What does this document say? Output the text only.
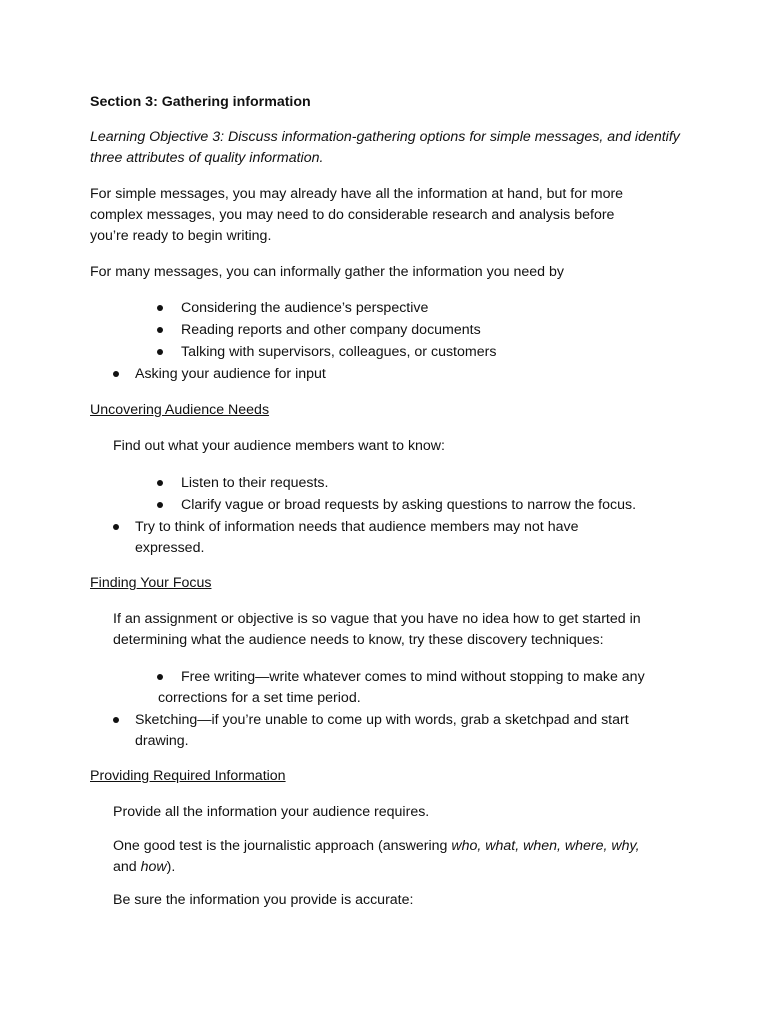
Section 3: Gathering information

Learning Objective 3: Discuss information-gathering options for simple messages, and identify three attributes of quality information.

For simple messages, you may already have all the information at hand, but for more

complex messages, you may need to do considerable research and analysis before

you’re ready to begin writing.

For many messages, you can informally gather the information you need by

Considering the audience’s perspective

Reading reports and other company documents

Talking with supervisors, colleagues, or customers

Asking your audience for input

Uncovering Audience Needs

Find out what your audience members want to know:

Listen to their requests.

Clarify vague or broad requests by asking questions to narrow the focus.

Try to think of information needs that audience members may not have

expressed.

Finding Your Focus

If an assignment or objective is so vague that you have no idea how to get started in

determining what the audience needs to know, try these discovery techniques:

Free writing—write whatever comes to mind without stopping to make any

corrections for a set time period.

Sketching—if you’re unable to come up with words, grab a sketchpad and start

drawing.

Providing Required Information

Provide all the information your audience requires.

One good test is the journalistic approach (answering who, what, when, where, why,
and how).

Be sure the information you provide is accurate:
